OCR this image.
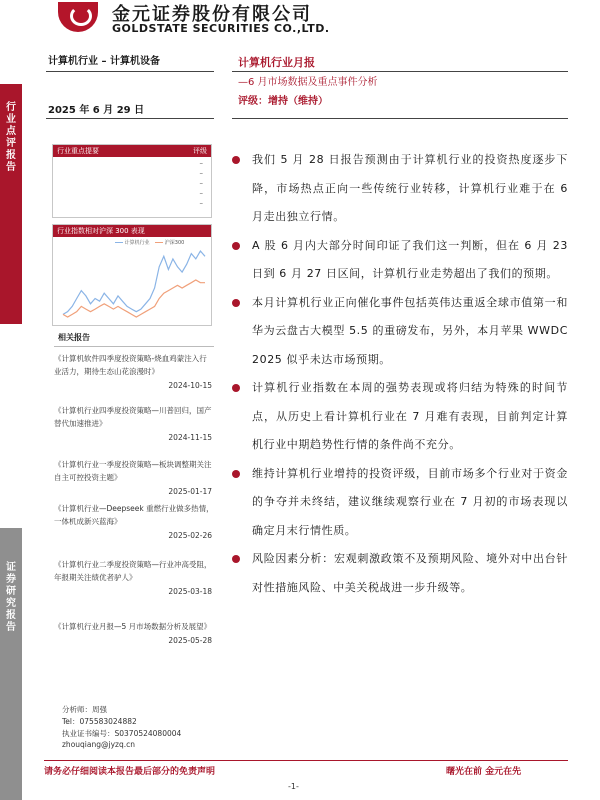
金元证券股份有限公司
GOLDSTATE SECURITIES CO.,LTD.
行业点评报告
证券研究报告
计算机行业 – 计算机设备
2025 年 6 月 29 日
行业重点提要	评级
–
–
–
–
–
行业指数相对沪深 300 表现
计算机行业	沪深300
相关报告
《计算机软件四季度投资策略-烧血鸡蒙注入行业活力，期待生态山花浪漫时》
2024-10-15
《计算机行业四季度投资策略—川普回归，国产替代加速推进》
2024-11-15
《计算机行业一季度投资策略—板块调整期关注自主可控投资主题》
2025-01-17
《计算机行业—Deepseek 重燃行业做多热情，一体机成新兴蓝海》
2025-02-26
《计算机行业二季度投资策略—行业冲高受阻，年报期关注绩优者驴人》
2025-03-18
《计算机行业月报—5 月市场数据分析及展望》
2025-05-28
分析师：周强
Tel：075583024882
执业证书编号：S0370524080004
zhouqiang@jyzq.cn
计算机行业月报
—6 月市场数据及重点事件分析
评级：增持（维持）
我们 5 月 28 日报告预测由于计算机行业的投资热度逐步下降，市场热点正向一些传统行业转移，计算机行业难于在 6 月走出独立行情。
A 股 6 月内大部分时间印证了我们这一判断，但在 6 月 23 日到 6 月 27 日区间，计算机行业走势超出了我们的预期。
本月计算机行业正向催化事件包括英伟达重返全球市值第一和华为云盘古大模型 5.5 的重磅发布，另外，本月苹果 WWDC 2025 似乎未达市场预期。
计算机行业指数在本周的强势表现或将归结为特殊的时间节点，从历史上看计算机行业在 7 月难有表现，目前判定计算机行业中期趋势性行情的条件尚不充分。
维持计算机行业增持的投资评级，目前市场多个行业对于资金的争夺并未终结，建议继续观察行业在 7 月初的市场表现以确定月末行情性质。
风险因素分析：宏观刺激政策不及预期风险、境外对中出台针对性措施风险、中美关税战进一步升级等。
请务必仔细阅读本报告最后部分的免责声明	曙光在前 金元在先
-1-
